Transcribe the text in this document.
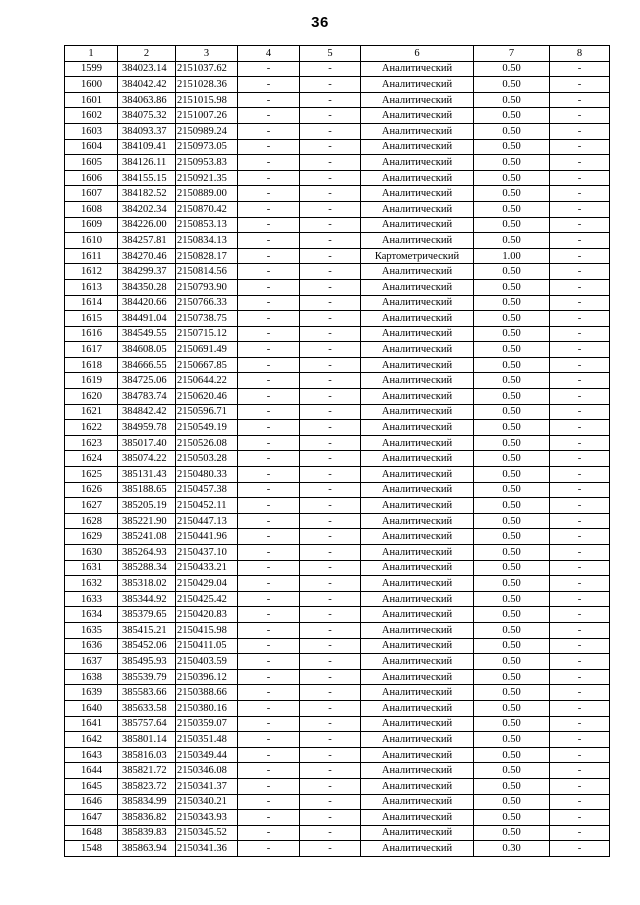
36
1	2	3	4	5	6	7	8
1599	384023.14	2151037.62	-	-	Аналитический	0.50	-
1600	384042.42	2151028.36	-	-	Аналитический	0.50	-
1601	384063.86	2151015.98	-	-	Аналитический	0.50	-
1602	384075.32	2151007.26	-	-	Аналитический	0.50	-
1603	384093.37	2150989.24	-	-	Аналитический	0.50	-
1604	384109.41	2150973.05	-	-	Аналитический	0.50	-
1605	384126.11	2150953.83	-	-	Аналитический	0.50	-
1606	384155.15	2150921.35	-	-	Аналитический	0.50	-
1607	384182.52	2150889.00	-	-	Аналитический	0.50	-
1608	384202.34	2150870.42	-	-	Аналитический	0.50	-
1609	384226.00	2150853.13	-	-	Аналитический	0.50	-
1610	384257.81	2150834.13	-	-	Аналитический	0.50	-
1611	384270.46	2150828.17	-	-	Картометрический	1.00	-
1612	384299.37	2150814.56	-	-	Аналитический	0.50	-
1613	384350.28	2150793.90	-	-	Аналитический	0.50	-
1614	384420.66	2150766.33	-	-	Аналитический	0.50	-
1615	384491.04	2150738.75	-	-	Аналитический	0.50	-
1616	384549.55	2150715.12	-	-	Аналитический	0.50	-
1617	384608.05	2150691.49	-	-	Аналитический	0.50	-
1618	384666.55	2150667.85	-	-	Аналитический	0.50	-
1619	384725.06	2150644.22	-	-	Аналитический	0.50	-
1620	384783.74	2150620.46	-	-	Аналитический	0.50	-
1621	384842.42	2150596.71	-	-	Аналитический	0.50	-
1622	384959.78	2150549.19	-	-	Аналитический	0.50	-
1623	385017.40	2150526.08	-	-	Аналитический	0.50	-
1624	385074.22	2150503.28	-	-	Аналитический	0.50	-
1625	385131.43	2150480.33	-	-	Аналитический	0.50	-
1626	385188.65	2150457.38	-	-	Аналитический	0.50	-
1627	385205.19	2150452.11	-	-	Аналитический	0.50	-
1628	385221.90	2150447.13	-	-	Аналитический	0.50	-
1629	385241.08	2150441.96	-	-	Аналитический	0.50	-
1630	385264.93	2150437.10	-	-	Аналитический	0.50	-
1631	385288.34	2150433.21	-	-	Аналитический	0.50	-
1632	385318.02	2150429.04	-	-	Аналитический	0.50	-
1633	385344.92	2150425.42	-	-	Аналитический	0.50	-
1634	385379.65	2150420.83	-	-	Аналитический	0.50	-
1635	385415.21	2150415.98	-	-	Аналитический	0.50	-
1636	385452.06	2150411.05	-	-	Аналитический	0.50	-
1637	385495.93	2150403.59	-	-	Аналитический	0.50	-
1638	385539.79	2150396.12	-	-	Аналитический	0.50	-
1639	385583.66	2150388.66	-	-	Аналитический	0.50	-
1640	385633.58	2150380.16	-	-	Аналитический	0.50	-
1641	385757.64	2150359.07	-	-	Аналитический	0.50	-
1642	385801.14	2150351.48	-	-	Аналитический	0.50	-
1643	385816.03	2150349.44	-	-	Аналитический	0.50	-
1644	385821.72	2150346.08	-	-	Аналитический	0.50	-
1645	385823.72	2150341.37	-	-	Аналитический	0.50	-
1646	385834.99	2150340.21	-	-	Аналитический	0.50	-
1647	385836.82	2150343.93	-	-	Аналитический	0.50	-
1648	385839.83	2150345.52	-	-	Аналитический	0.50	-
1548	385863.94	2150341.36	-	-	Аналитический	0.30	-
